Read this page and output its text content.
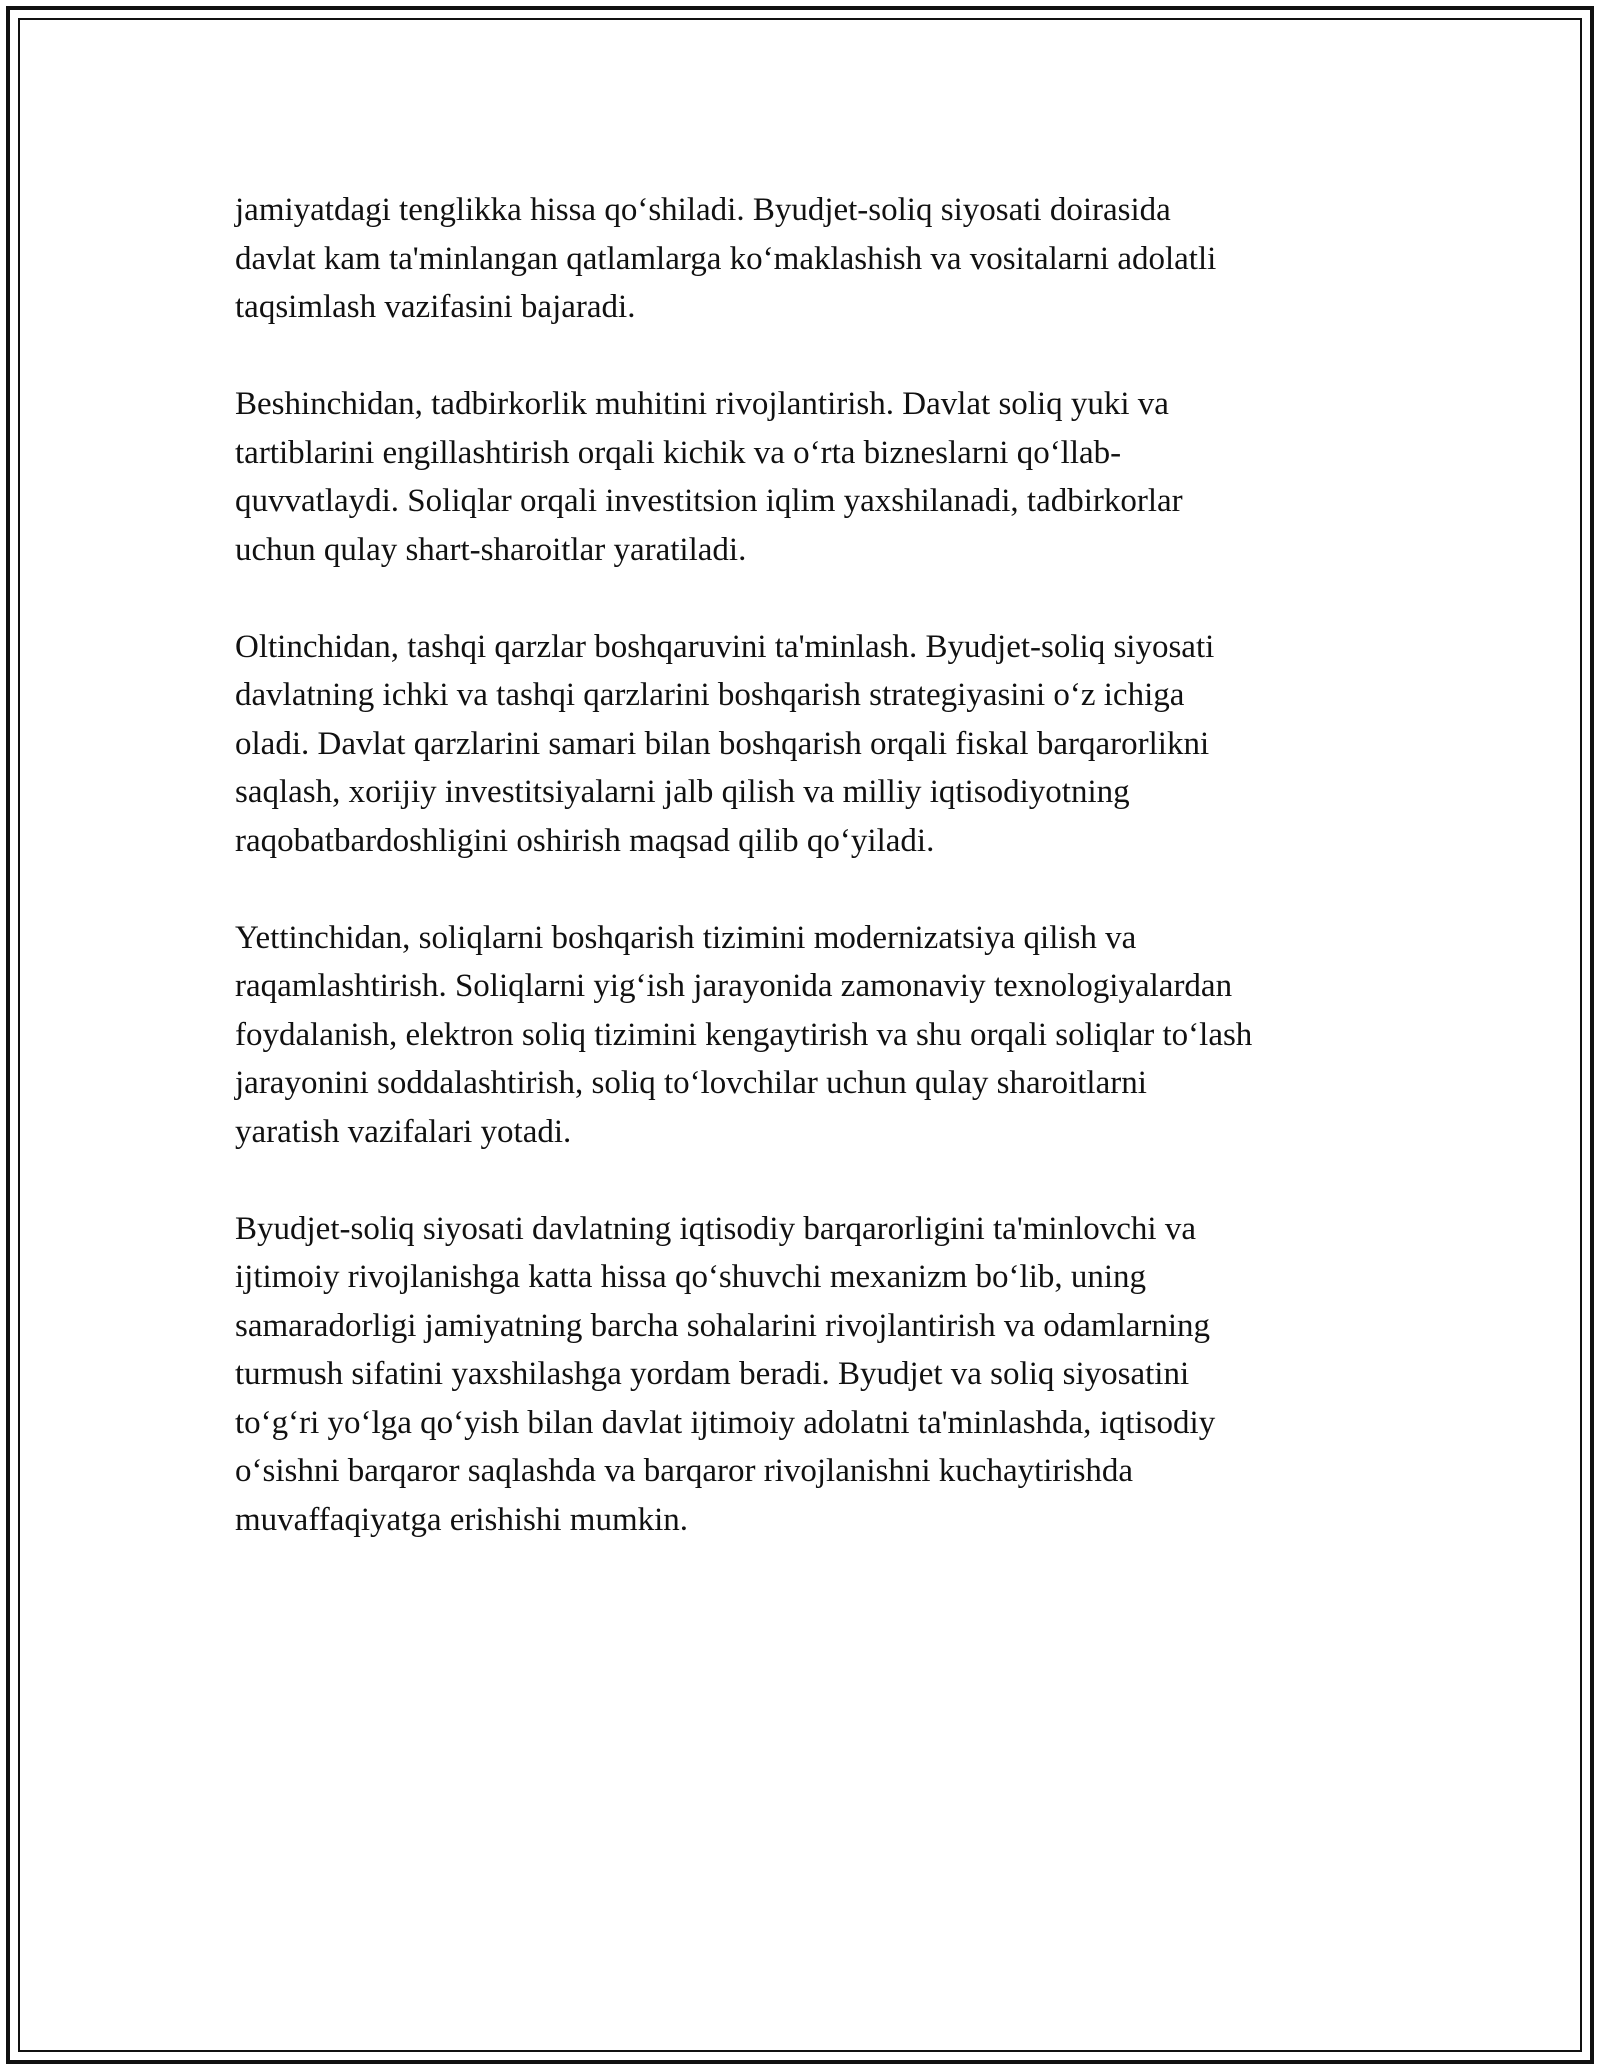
jamiyatdagi tenglikka hissa qo‘shiladi. Byudjet-soliq siyosati doirasida
davlat kam ta'minlangan qatlamlarga ko‘maklashish va vositalarni adolatli
taqsimlash vazifasini bajaradi.

Beshinchidan, tadbirkorlik muhitini rivojlantirish. Davlat soliq yuki va
tartiblarini engillashtirish orqali kichik va o‘rta bizneslarni qo‘llab-
quvvatlaydi. Soliqlar orqali investitsion iqlim yaxshilanadi, tadbirkorlar
uchun qulay shart-sharoitlar yaratiladi.

Oltinchidan, tashqi qarzlar boshqaruvini ta'minlash. Byudjet-soliq siyosati
davlatning ichki va tashqi qarzlarini boshqarish strategiyasini o‘z ichiga
oladi. Davlat qarzlarini samari bilan boshqarish orqali fiskal barqarorlikni
saqlash, xorijiy investitsiyalarni jalb qilish va milliy iqtisodiyotning
raqobatbardoshligini oshirish maqsad qilib qo‘yiladi.

Yettinchidan, soliqlarni boshqarish tizimini modernizatsiya qilish va
raqamlashtirish. Soliqlarni yig‘ish jarayonida zamonaviy texnologiyalardan
foydalanish, elektron soliq tizimini kengaytirish va shu orqali soliqlar to‘lash
jarayonini soddalashtirish, soliq to‘lovchilar uchun qulay sharoitlarni
yaratish vazifalari yotadi.

Byudjet-soliq siyosati davlatning iqtisodiy barqarorligini ta'minlovchi va
ijtimoiy rivojlanishga katta hissa qo‘shuvchi mexanizm bo‘lib, uning
samaradorligi jamiyatning barcha sohalarini rivojlantirish va odamlarning
turmush sifatini yaxshilashga yordam beradi. Byudjet va soliq siyosatini
to‘g‘ri yo‘lga qo‘yish bilan davlat ijtimoiy adolatni ta'minlashda, iqtisodiy
o‘sishni barqaror saqlashda va barqaror rivojlanishni kuchaytirishda
muvaffaqiyatga erishishi mumkin.
